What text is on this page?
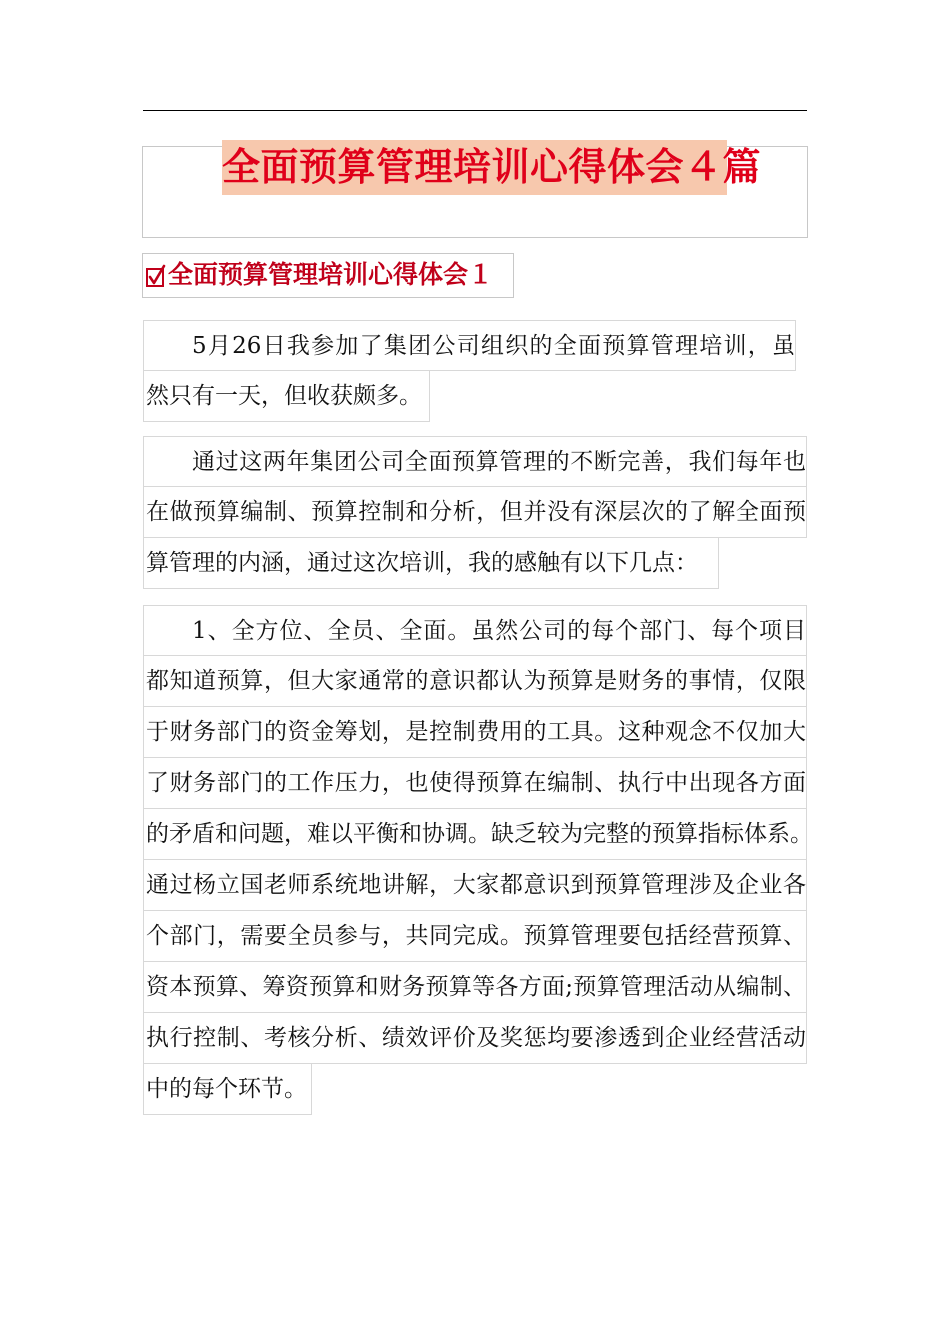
全面预算管理培训心得体会４篇
全面预算管理培训心得体会１
5月26日我参加了集团公司组织的全面预算管理培训，虽
然只有一天，但收获颇多。
通过这两年集团公司全面预算管理的不断完善，我们每年也
在做预算编制、预算控制和分析，但并没有深层次的了解全面预
算管理的内涵，通过这次培训，我的感触有以下几点：
1、全方位、全员、全面。虽然公司的每个部门、每个项目
都知道预算，但大家通常的意识都认为预算是财务的事情，仅限
于财务部门的资金筹划，是控制费用的工具。这种观念不仅加大
了财务部门的工作压力，也使得预算在编制、执行中出现各方面
的矛盾和问题，难以平衡和协调。缺乏较为完整的预算指标体系。
通过杨立国老师系统地讲解，大家都意识到预算管理涉及企业各
个部门，需要全员参与，共同完成。预算管理要包括经营预算、
资本预算、筹资预算和财务预算等各方面;预算管理活动从编制、
执行控制、考核分析、绩效评价及奖惩均要渗透到企业经营活动
中的每个环节。
